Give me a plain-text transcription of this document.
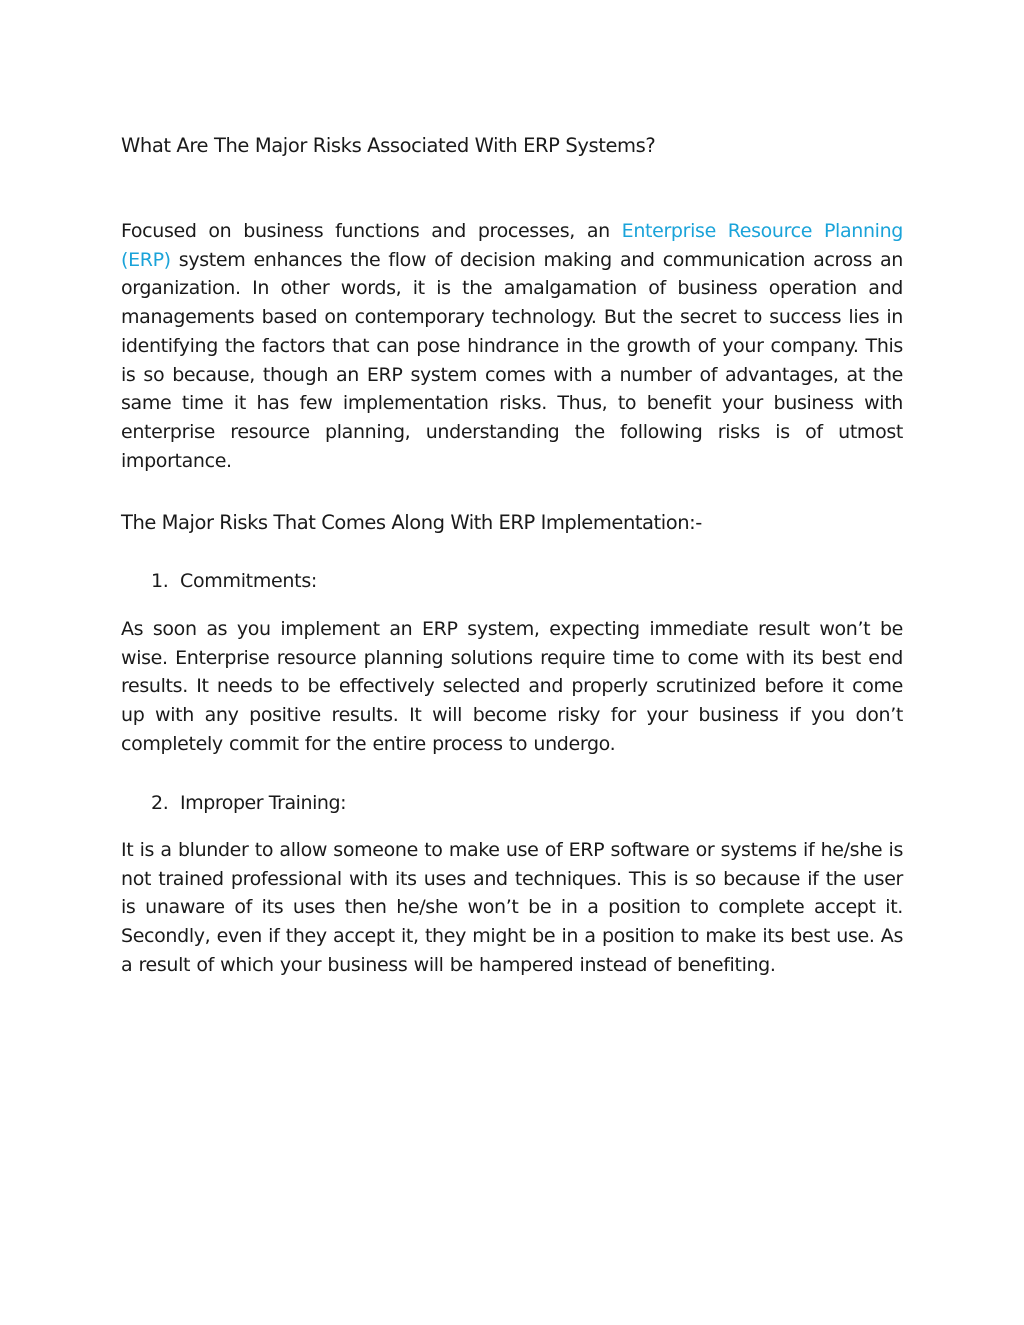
What Are The Major Risks Associated With ERP Systems?

Focused on business functions and processes, an Enterprise Resource Planning (ERP) system enhances the flow of decision making and communication across an organization. In other words, it is the amalgamation of business operation and managements based on contemporary technology. But the secret to success lies in identifying the factors that can pose hindrance in the growth of your company. This is so because, though an ERP system comes with a number of advantages, at the same time it has few implementation risks. Thus, to benefit your business with enterprise resource planning, understanding the following risks is of utmost importance.

The Major Risks That Comes Along With ERP Implementation:-
1. Commitments:

As soon as you implement an ERP system, expecting immediate result won’t be wise. Enterprise resource planning solutions require time to come with its best end results. It needs to be effectively selected and properly scrutinized before it come up with any positive results. It will become risky for your business if you don’t completely commit for the entire process to undergo.

2. Improper Training:

It is a blunder to allow someone to make use of ERP software or systems if he/she is not trained professional with its uses and techniques. This is so because if the user is unaware of its uses then he/she won’t be in a position to complete accept it. Secondly, even if they accept it, they might be in a position to make its best use. As a result of which your business will be hampered instead of benefiting.
